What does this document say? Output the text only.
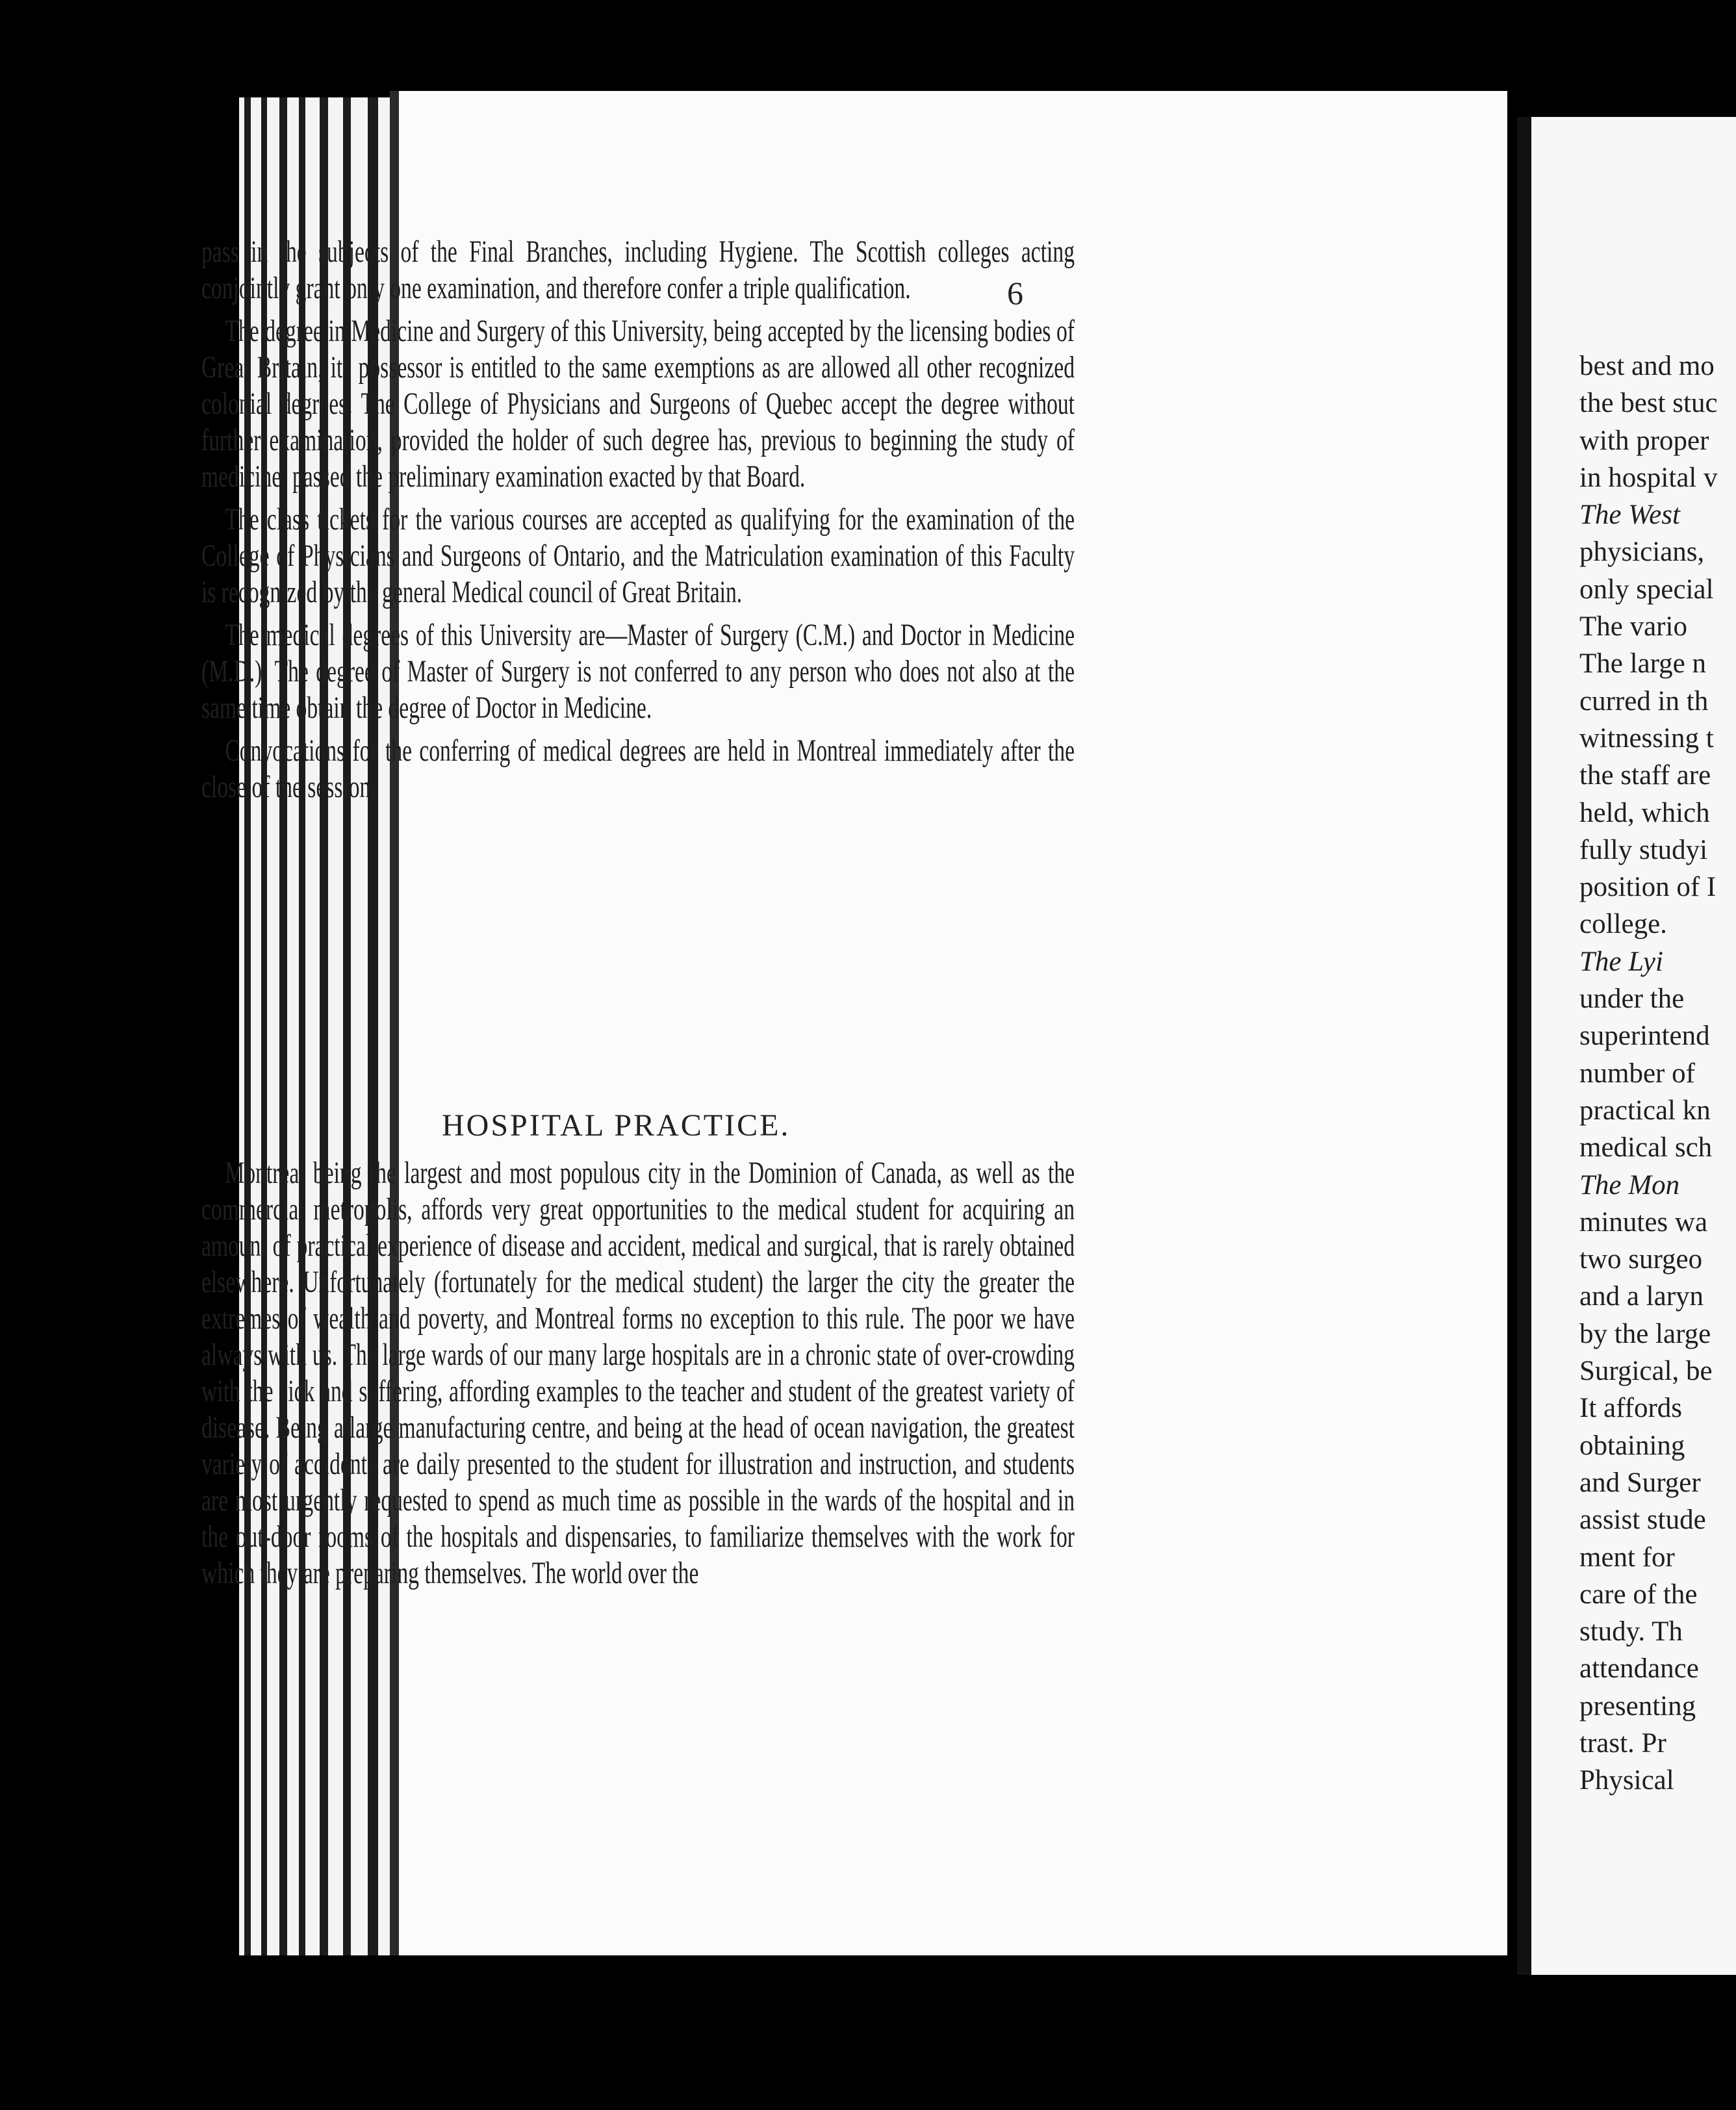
6

pass in the subjects of the Final Branches, including Hygiene. The Scottish colleges acting conjointly grant only one examination, and therefore confer a triple qualification.

The degree in Medicine and Surgery of this University, being accepted by the licensing bodies of Great Britain, its possessor is entitled to the same exemptions as are allowed all other recognized colonial degrees. The College of Physicians and Surgeons of Quebec accept the degree without further examination, provided the holder of such degree has, previous to beginning the study of medicine, passed the preliminary examination exacted by that Board.

The class tickets for the various courses are accepted as qualifying for the examination of the College of Physicians and Surgeons of Ontario, and the Matriculation examination of this Faculty is recognized by the general Medical council of Great Britain.

The medical degrees of this University are—Master of Surgery (C.M.) and Doctor in Medicine (M.D.). The degree of Master of Surgery is not conferred to any person who does not also at the same time obtain the degree of Doctor in Medicine.

Convocations for the conferring of medical degrees are held in Montreal immediately after the close of the session.

HOSPITAL PRACTICE.

Montreal being the largest and most populous city in the Dominion of Canada, as well as the commercial metropolis, affords very great opportunities to the medical student for acquiring an amount of practical experience of disease and accident, medical and surgical, that is rarely obtained elsewhere. Unfortunately (fortunately for the medical student) the larger the city the greater the extremes of wealth and poverty, and Montreal forms no exception to this rule. The poor we have always with us. The large wards of our many large hospitals are in a chronic state of over-crowding with the sick and suffering, affording examples to the teacher and student of the greatest variety of disease. Being a large manufacturing centre, and being at the head of ocean navigation, the greatest variety of accidents are daily presented to the student for illustration and instruction, and students are most urgently requested to spend as much time as possible in the wards of the hospital and in the out-door rooms of the hospitals and dispensaries, to familiarize themselves with the work for which they are preparing themselves. The world over the

best and mo
the best stuc
with proper
in hospital v
The West
physicians,
only special
The vario
The large n
curred in th
witnessing t
the staff are
held, which
fully studyi
position of I
college.
The Lyi
under the
superintend
number of
practical kn
medical sch
The Mon
minutes wa
two surgeo
and a laryn
by the large
Surgical, be
It affords
obtaining
and Surger
assist stude
ment for
care of the
study. Th
attendance
presenting
trast. Pr
Physical
